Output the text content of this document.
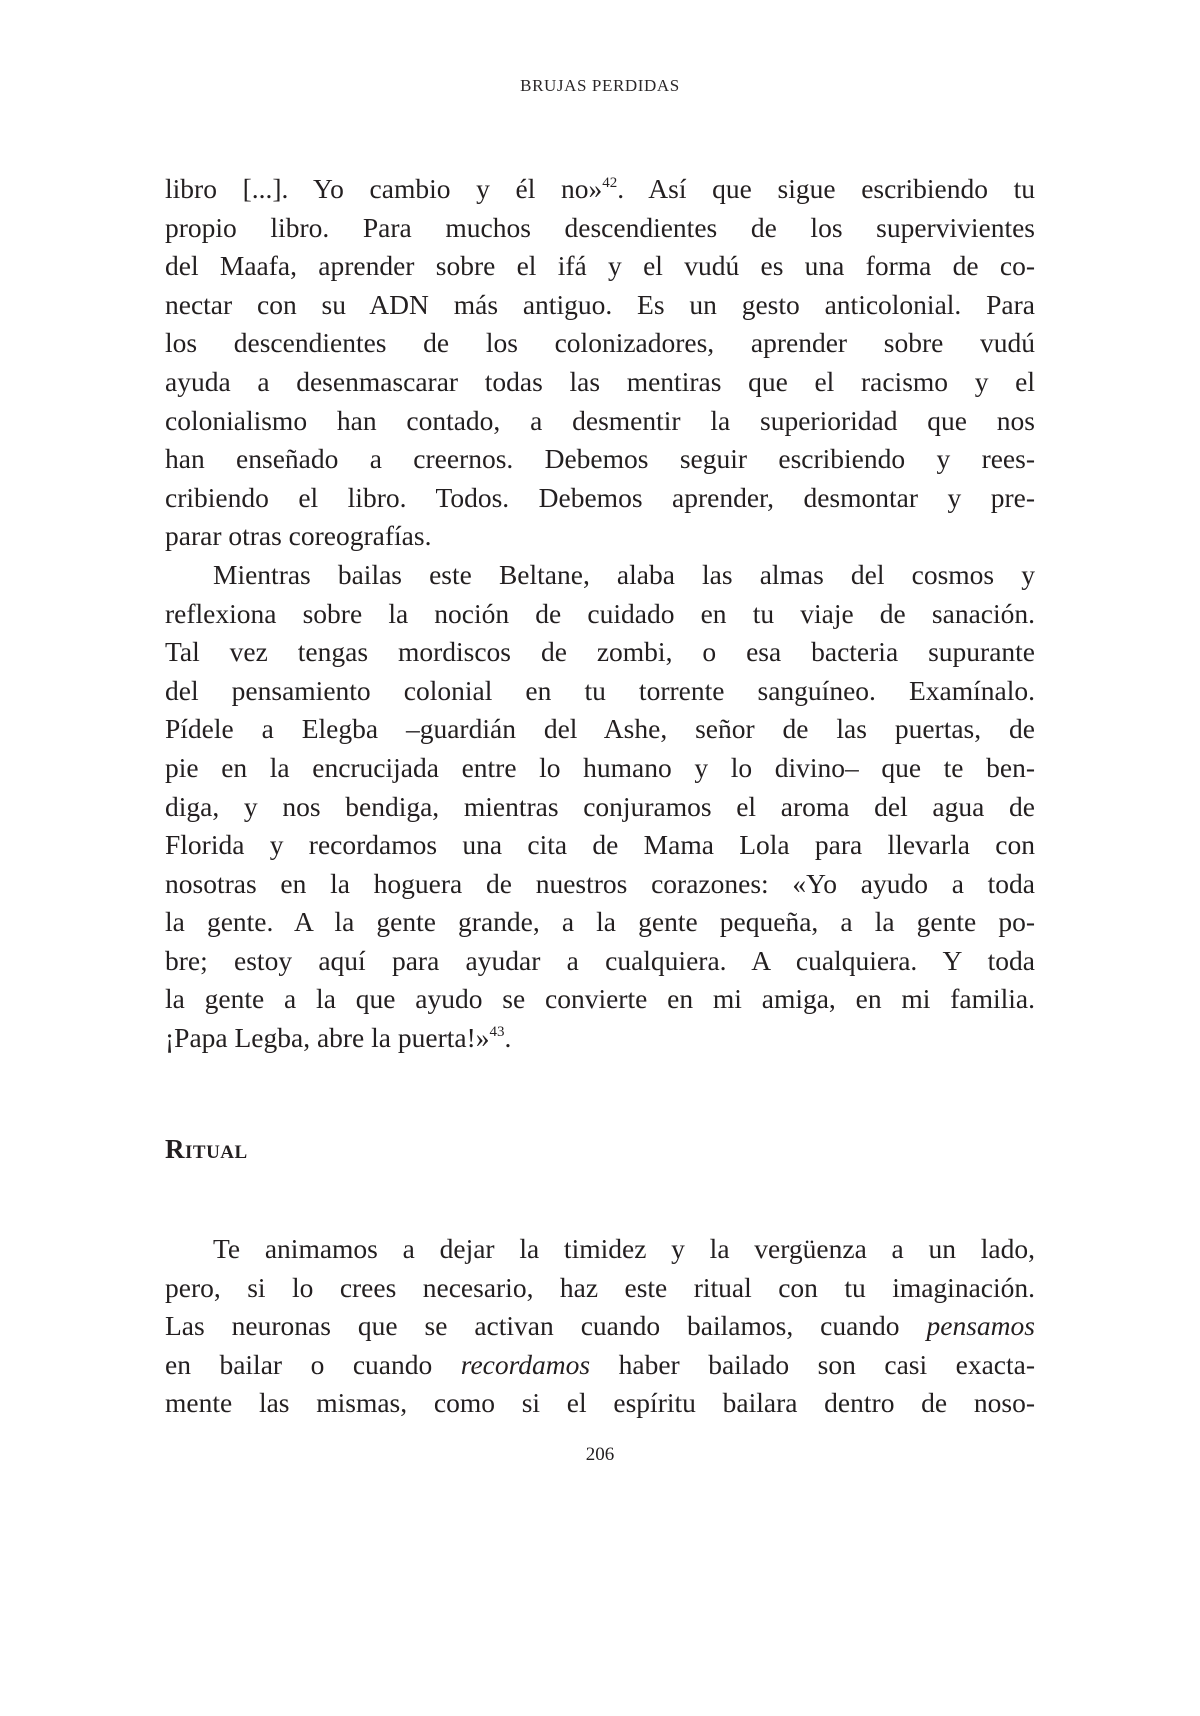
BRUJAS PERDIDAS
libro [...]. Yo cambio y él no»$^{42}$. Así que sigue escribiendo tu
propio libro. Para muchos descendientes de los supervivientes
del Maafa, aprender sobre el ifá y el vudú es una forma de co-
nectar con su ADN más antiguo. Es un gesto anticolonial. Para
los descendientes de los colonizadores, aprender sobre vudú
ayuda a desenmascarar todas las mentiras que el racismo y el
colonialismo han contado, a desmentir la superioridad que nos
han enseñado a creernos. Debemos seguir escribiendo y rees-
cribiendo el libro. Todos. Debemos aprender, desmontar y pre-
parar otras coreografías.
Mientras bailas este Beltane, alaba las almas del cosmos y
reflexiona sobre la noción de cuidado en tu viaje de sanación.
Tal vez tengas mordiscos de zombi, o esa bacteria supurante
del pensamiento colonial en tu torrente sanguíneo. Examínalo.
Pídele a Elegba –guardián del Ashe, señor de las puertas, de
pie en la encrucijada entre lo humano y lo divino– que te ben-
diga, y nos bendiga, mientras conjuramos el aroma del agua de
Florida y recordamos una cita de Mama Lola para llevarla con
nosotras en la hoguera de nuestros corazones: «Yo ayudo a toda
la gente. A la gente grande, a la gente pequeña, a la gente po-
bre; estoy aquí para ayudar a cualquiera. A cualquiera. Y toda
la gente a la que ayudo se convierte en mi amiga, en mi familia.
¡Papa Legba, abre la puerta!»$^{43}$.
Ritual
Te animamos a dejar la timidez y la vergüenza a un lado,
pero, si lo crees necesario, haz este ritual con tu imaginación.
Las neuronas que se activan cuando bailamos, cuando pensamos
en bailar o cuando recordamos haber bailado son casi exacta-
mente las mismas, como si el espíritu bailara dentro de noso-
206
